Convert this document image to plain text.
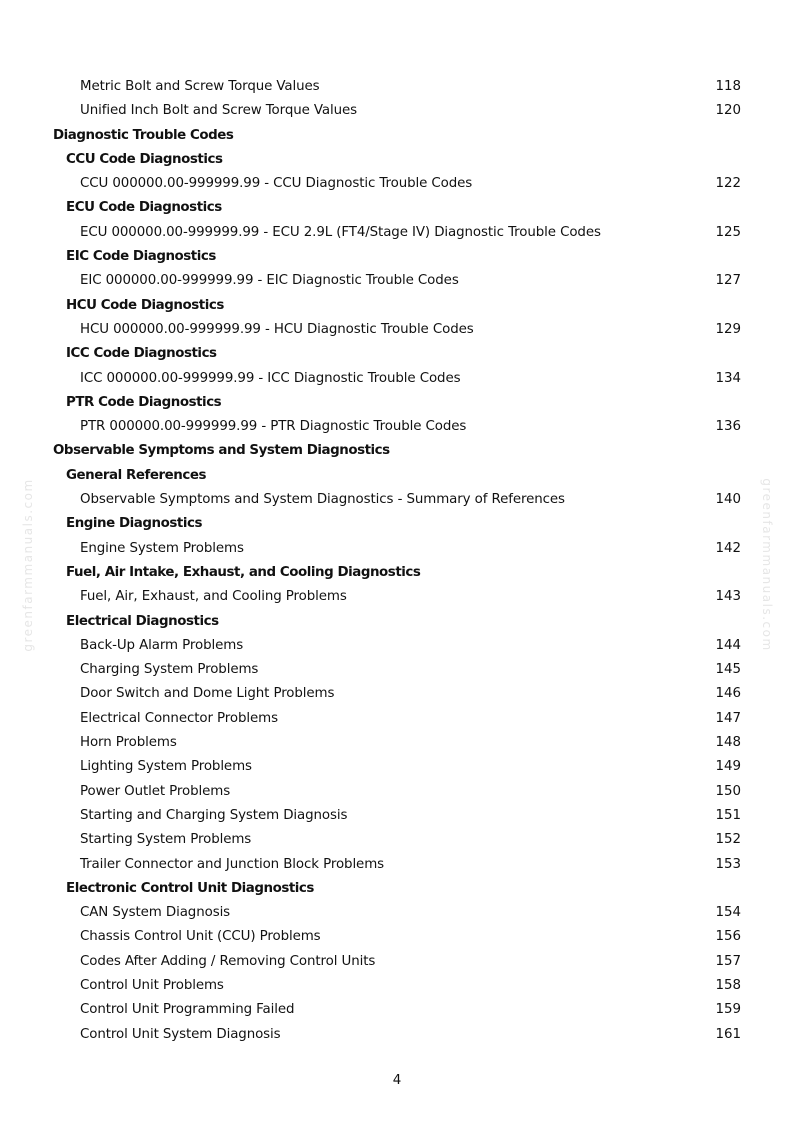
greenfarmmanuals.com	greenfarmmanuals.com
Metric Bolt and Screw Torque Values	118
Unified Inch Bolt and Screw Torque Values	120
Diagnostic Trouble Codes
CCU Code Diagnostics
CCU 000000.00-999999.99 - CCU Diagnostic Trouble Codes	122
ECU Code Diagnostics
ECU 000000.00-999999.99 - ECU 2.9L (FT4/Stage IV) Diagnostic Trouble Codes	125
EIC Code Diagnostics
EIC 000000.00-999999.99 - EIC Diagnostic Trouble Codes	127
HCU Code Diagnostics
HCU 000000.00-999999.99 - HCU Diagnostic Trouble Codes	129
ICC Code Diagnostics
ICC 000000.00-999999.99 - ICC Diagnostic Trouble Codes	134
PTR Code Diagnostics
PTR 000000.00-999999.99 - PTR Diagnostic Trouble Codes	136
Observable Symptoms and System Diagnostics
General References
Observable Symptoms and System Diagnostics - Summary of References	140
Engine Diagnostics
Engine System Problems	142
Fuel, Air Intake, Exhaust, and Cooling Diagnostics
Fuel, Air, Exhaust, and Cooling Problems	143
Electrical Diagnostics
Back-Up Alarm Problems	144
Charging System Problems	145
Door Switch and Dome Light Problems	146
Electrical Connector Problems	147
Horn Problems	148
Lighting System Problems	149
Power Outlet Problems	150
Starting and Charging System Diagnosis	151
Starting System Problems	152
Trailer Connector and Junction Block Problems	153
Electronic Control Unit Diagnostics
CAN System Diagnosis	154
Chassis Control Unit (CCU) Problems	156
Codes After Adding / Removing Control Units	157
Control Unit Problems	158
Control Unit Programming Failed	159
Control Unit System Diagnosis	161
4
